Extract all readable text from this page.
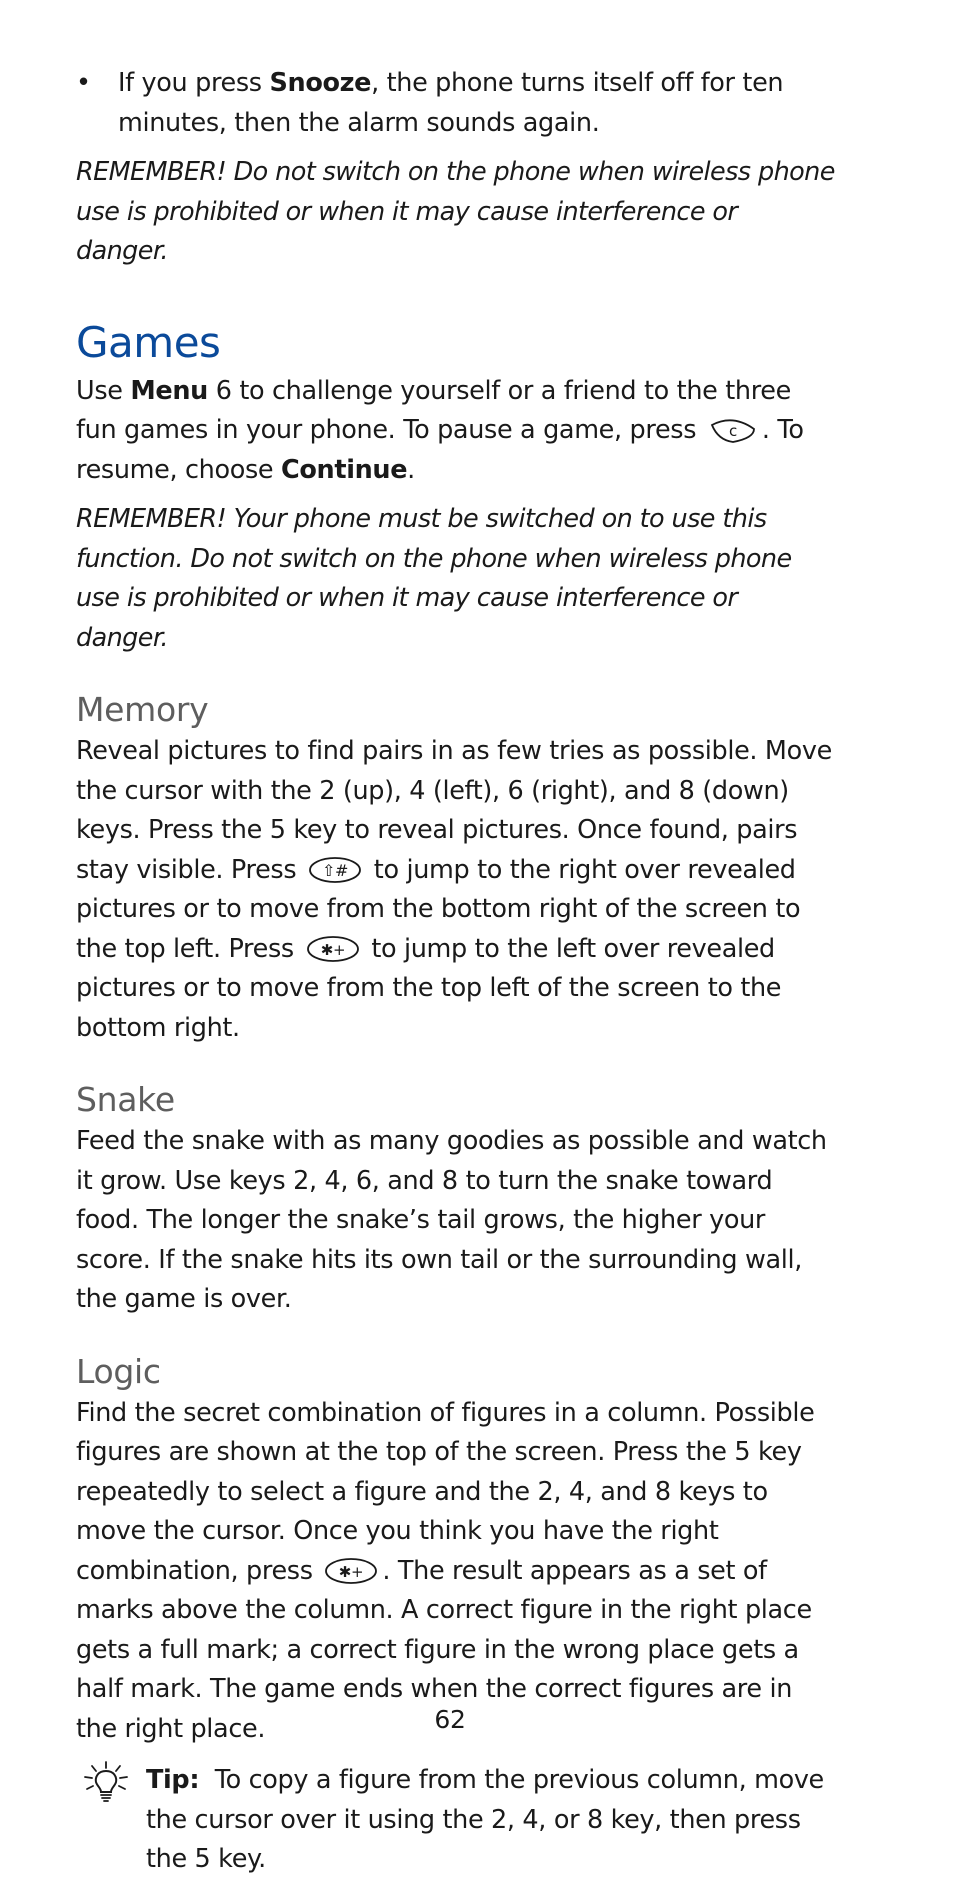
• If you press Snooze, the phone turns itself off for ten minutes, then the alarm sounds again.

REMEMBER! Do not switch on the phone when wireless phone use is prohibited or when it may cause interference or danger.

Games

Use Menu 6 to challenge yourself or a friend to the three fun games in your phone. To pause a game, press c . To resume, choose Continue.

REMEMBER! Your phone must be switched on to use this function. Do not switch on the phone when wireless phone use is prohibited or when it may cause interference or danger.

Memory

Reveal pictures to find pairs in as few tries as possible. Move the cursor with the 2 (up), 4 (left), 6 (right), and 8 (down) keys. Press the 5 key to reveal pictures. Once found, pairs stay visible. Press ⇧# to jump to the right over revealed pictures or to move from the bottom right of the screen to the top left. Press ✱+ to jump to the left over revealed pictures or to move from the top left of the screen to the bottom right.

Snake

Feed the snake with as many goodies as possible and watch it grow. Use keys 2, 4, 6, and 8 to turn the snake toward food. The longer the snake’s tail grows, the higher your score. If the snake hits its own tail or the surrounding wall, the game is over.

Logic

Find the secret combination of figures in a column. Possible figures are shown at the top of the screen. Press the 5 key repeatedly to select a figure and the 2, 4, and 8 keys to move the cursor. Once you think you have the right combination, press ✱+ . The result appears as a set of marks above the column. A correct figure in the right place gets a full mark; a correct figure in the wrong place gets a half mark. The game ends when the correct figures are in the right place.

Tip: To copy a figure from the previous column, move the cursor over it using the 2, 4, or 8 key, then press the 5 key.

62
